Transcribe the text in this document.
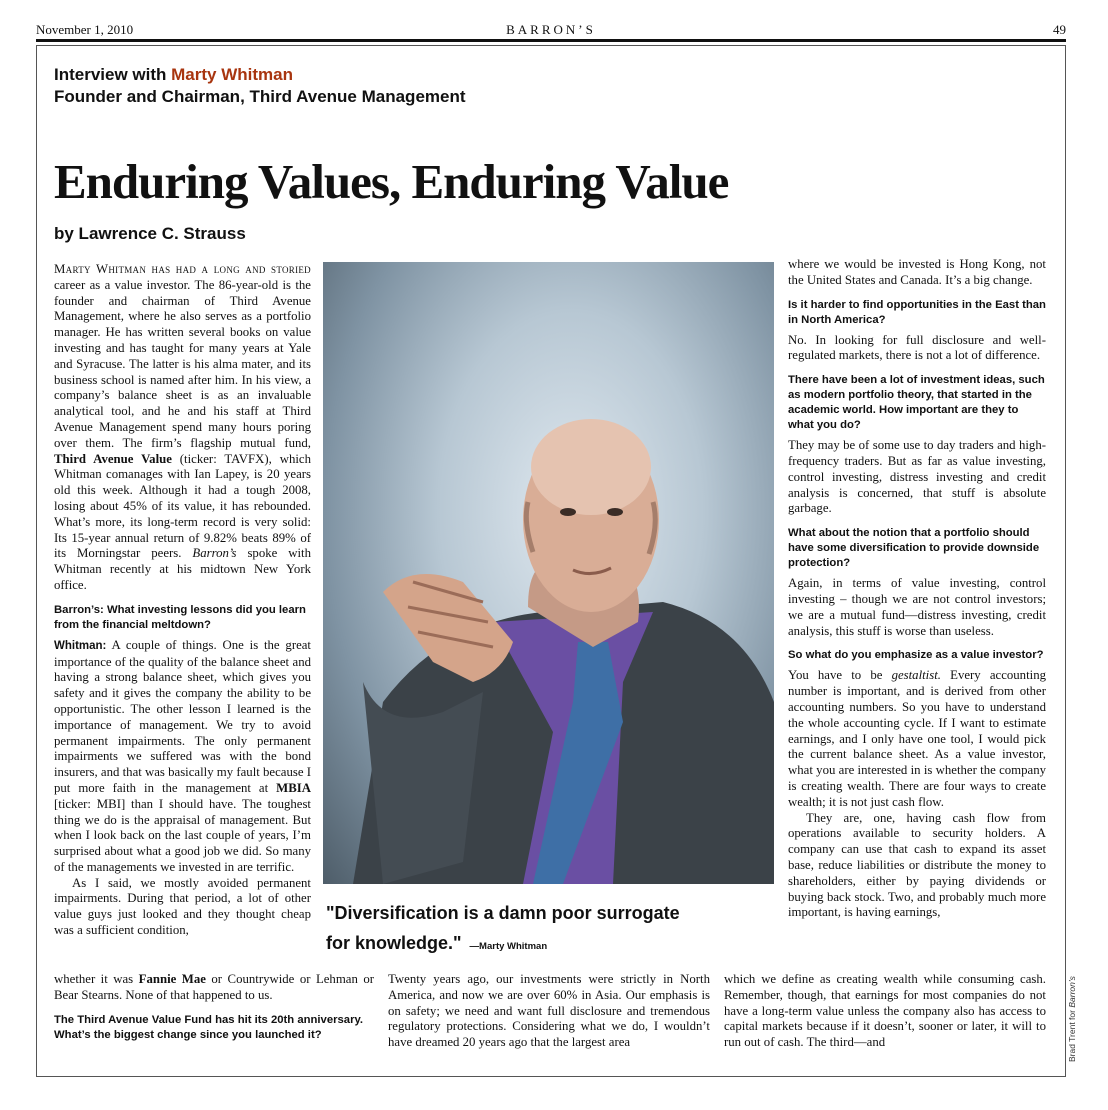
November 1, 2010	BARRON’S	49
Interview with Marty Whitman
Founder and Chairman, Third Avenue Management
Enduring Values, Enduring Value
by Lawrence C. Strauss

Marty Whitman has had a long and storied career as a value investor. The 86-year-old is the founder and chairman of Third Avenue Management, where he also serves as a portfolio manager. He has written several books on value investing and has taught for many years at Yale and Syracuse. The latter is his alma mater, and its business school is named after him. In his view, a company’s balance sheet is as an invaluable analytical tool, and he and his staff at Third Avenue Management spend many hours poring over them. The firm’s flagship mutual fund, Third Avenue Value (ticker: TAVFX), which Whitman comanages with Ian Lapey, is 20 years old this week. Although it had a tough 2008, losing about 45% of its value, it has rebounded. What’s more, its long-term record is very solid: Its 15-year annual return of 9.82% beats 89% of its Morningstar peers. Barron’s spoke with Whitman recently at his midtown New York office.

Barron’s: What investing lessons did you learn from the financial meltdown?

Whitman: A couple of things. One is the great importance of the quality of the balance sheet and having a strong balance sheet, which gives you safety and it gives the company the ability to be opportunistic. The other lesson I learned is the importance of management. We try to avoid permanent impairments. The only permanent impairments we suffered was with the bond insurers, and that was basically my fault because I put more faith in the management at MBIA [ticker: MBI] than I should have. The toughest thing we do is the appraisal of management. But when I look back on the last couple of years, I’m surprised about what a good job we did. So many of the managements we invested in are terrific.

As I said, we mostly avoided permanent impairments. During that period, a lot of other value guys just looked and they thought cheap was a sufficient condition,

whether it was Fannie Mae or Countrywide or Lehman or Bear Stearns. None of that happened to us.

The Third Avenue Value Fund has hit its 20th anniversary. What’s the biggest change since you launched it?

Twenty years ago, our investments were strictly in North America, and now we are over 60% in Asia. Our emphasis is on safety; we need and want full disclosure and tremendous regulatory protections. Considering what we do, I wouldn’t have dreamed 20 years ago that the largest area

"Diversification is a damn poor surrogate
for knowledge." —Marty Whitman

where we would be invested is Hong Kong, not the United States and Canada. It’s a big change.

Is it harder to find opportunities in the East than in North America?

No. In looking for full disclosure and well-regulated markets, there is not a lot of difference.

There have been a lot of investment ideas, such as modern portfolio theory, that started in the academic world. How important are they to what you do?

They may be of some use to day traders and high-frequency traders. But as far as value investing, control investing, distress investing and credit analysis is concerned, that stuff is absolute garbage.

What about the notion that a portfolio should have some diversification to provide downside protection?

Again, in terms of value investing, control investing – though we are not control investors; we are a mutual fund—distress investing, credit analysis, this stuff is worse than useless.

So what do you emphasize as a value investor?

You have to be gestaltist. Every accounting number is important, and is derived from other accounting numbers. So you have to understand the whole accounting cycle. If I want to estimate earnings, and I only have one tool, I would pick the current balance sheet. As a value investor, what you are interested in is whether the company is creating wealth. There are four ways to create wealth; it is not just cash flow.

They are, one, having cash flow from operations available to security holders. A company can use that cash to expand its asset base, reduce liabilities or distribute the money to shareholders, either by paying dividends or buying back stock. Two, and probably much more important, is having earnings,

which we define as creating wealth while consuming cash. Remember, though, that earnings for most companies do not have a long-term value unless the company also has access to capital markets because if it doesn’t, sooner or later, it will to run out of cash. The third—and	Brad Trent for Barron’s
